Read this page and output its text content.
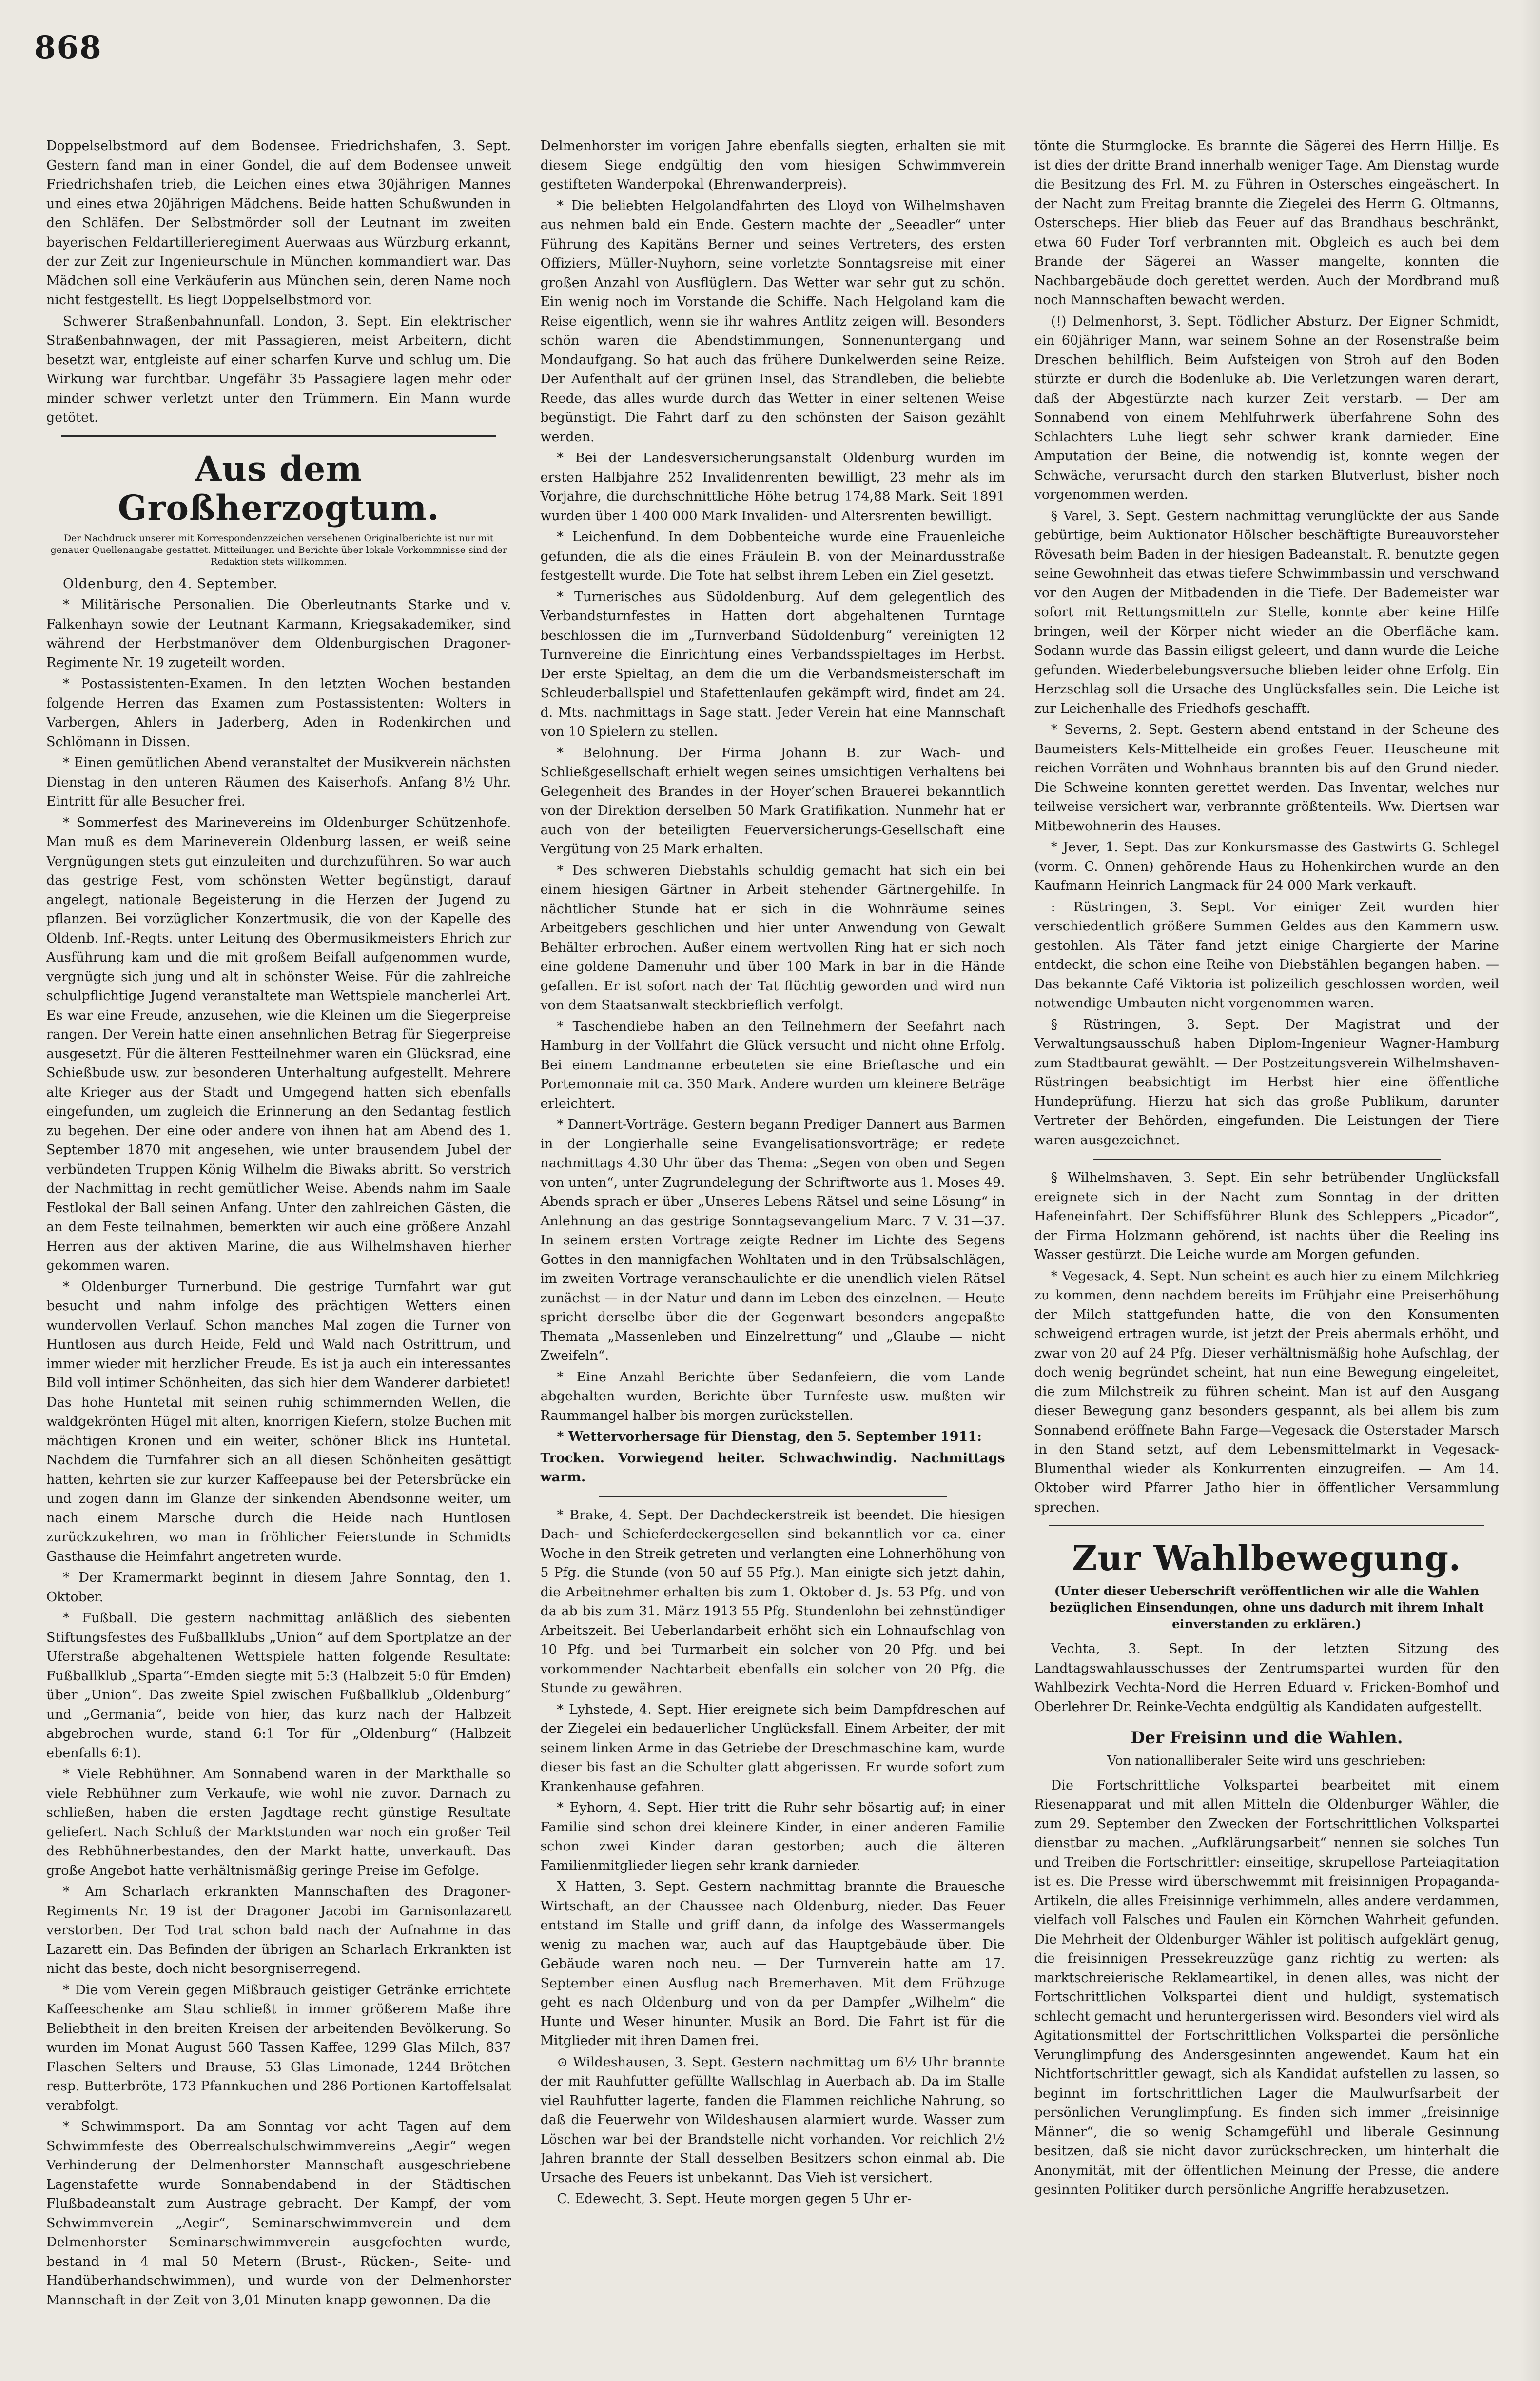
868

Doppelselbstmord auf dem Bodensee. Friedrichshafen, 3. Sept. Gestern fand man in einer Gondel, die auf dem Bodensee unweit Friedrichshafen trieb, die Leichen eines etwa 30jährigen Mannes und eines etwa 20jährigen Mädchens. Beide hatten Schußwunden in den Schläfen. Der Selbstmörder soll der Leutnant im zweiten bayerischen Feldartillerieregiment Auerwaas aus Würzburg erkannt, der zur Zeit zur Ingenieurschule in München kommandiert war. Das Mädchen soll eine Verkäuferin aus München sein, deren Name noch nicht festgestellt. Es liegt Doppelselbstmord vor.

Schwerer Straßenbahnunfall. London, 3. Sept. Ein elektrischer Straßenbahnwagen, der mit Passagieren, meist Arbeitern, dicht besetzt war, entgleiste auf einer scharfen Kurve und schlug um. Die Wirkung war furchtbar. Ungefähr 35 Passagiere lagen mehr oder minder schwer verletzt unter den Trümmern. Ein Mann wurde getötet.

Aus dem Großherzogtum.
Der Nachdruck unserer mit Korrespondenzzeichen versehenen Originalberichte ist nur mit genauer Quellenangabe gestattet. Mitteilungen und Berichte über lokale Vorkommnisse sind der Redaktion stets willkommen.

Oldenburg, den 4. September.

* Militärische Personalien. Die Oberleutnants Starke und v. Falkenhayn sowie der Leutnant Karmann, Kriegsakademiker, sind während der Herbstmanöver dem Oldenburgischen Dragoner-Regimente Nr. 19 zugeteilt worden.

* Postassistenten-Examen. In den letzten Wochen bestanden folgende Herren das Examen zum Postassistenten: Wolters in Varbergen, Ahlers in Jaderberg, Aden in Rodenkirchen und Schlömann in Dissen.

* Einen gemütlichen Abend veranstaltet der Musikverein nächsten Dienstag in den unteren Räumen des Kaiserhofs. Anfang 8½ Uhr. Eintritt für alle Besucher frei.

* Sommerfest des Marinevereins im Oldenburger Schützenhofe. Man muß es dem Marineverein Oldenburg lassen, er weiß seine Vergnügungen stets gut einzuleiten und durchzuführen. So war auch das gestrige Fest, vom schönsten Wetter begünstigt, darauf angelegt, nationale Begeisterung in die Herzen der Jugend zu pflanzen. Bei vorzüglicher Konzertmusik, die von der Kapelle des Oldenb. Inf.-Regts. unter Leitung des Obermusikmeisters Ehrich zur Ausführung kam und die mit großem Beifall aufgenommen wurde, vergnügte sich jung und alt in schönster Weise. Für die zahlreiche schulpflichtige Jugend veranstaltete man Wettspiele mancherlei Art. Es war eine Freude, anzusehen, wie die Kleinen um die Siegerpreise rangen. Der Verein hatte einen ansehnlichen Betrag für Siegerpreise ausgesetzt. Für die älteren Festteilnehmer waren ein Glücksrad, eine Schießbude usw. zur besonderen Unterhaltung aufgestellt. Mehrere alte Krieger aus der Stadt und Umgegend hatten sich ebenfalls eingefunden, um zugleich die Erinnerung an den Sedantag festlich zu begehen. Der eine oder andere von ihnen hat am Abend des 1. September 1870 mit angesehen, wie unter brausendem Jubel der verbündeten Truppen König Wilhelm die Biwaks abritt. So verstrich der Nachmittag in recht gemütlicher Weise. Abends nahm im Saale Festlokal der Ball seinen Anfang. Unter den zahlreichen Gästen, die an dem Feste teilnahmen, bemerkten wir auch eine größere Anzahl Herren aus der aktiven Marine, die aus Wilhelmshaven hierher gekommen waren.

* Oldenburger Turnerbund. Die gestrige Turnfahrt war gut besucht und nahm infolge des prächtigen Wetters einen wundervollen Verlauf. Schon manches Mal zogen die Turner von Huntlosen aus durch Heide, Feld und Wald nach Ostrittrum, und immer wieder mit herzlicher Freude. Es ist ja auch ein interessantes Bild voll intimer Schönheiten, das sich hier dem Wanderer darbietet! Das hohe Huntetal mit seinen ruhig schimmernden Wellen, die waldgekrönten Hügel mit alten, knorrigen Kiefern, stolze Buchen mit mächtigen Kronen und ein weiter, schöner Blick ins Huntetal. Nachdem die Turnfahrer sich an all diesen Schönheiten gesättigt hatten, kehrten sie zur kurzer Kaffeepause bei der Petersbrücke ein und zogen dann im Glanze der sinkenden Abendsonne weiter, um nach einem Marsche durch die Heide nach Huntlosen zurückzukehren, wo man in fröhlicher Feierstunde in Schmidts Gasthause die Heimfahrt angetreten wurde.

* Der Kramermarkt beginnt in diesem Jahre Sonntag, den 1. Oktober.

* Fußball. Die gestern nachmittag anläßlich des siebenten Stiftungsfestes des Fußballklubs „Union“ auf dem Sportplatze an der Uferstraße abgehaltenen Wettspiele hatten folgende Resultate: Fußballklub „Sparta“-Emden siegte mit 5:3 (Halbzeit 5:0 für Emden) über „Union“. Das zweite Spiel zwischen Fußballklub „Oldenburg“ und „Germania“, beide von hier, das kurz nach der Halbzeit abgebrochen wurde, stand 6:1 Tor für „Oldenburg“ (Halbzeit ebenfalls 6:1).

* Viele Rebhühner. Am Sonnabend waren in der Markthalle so viele Rebhühner zum Verkaufe, wie wohl nie zuvor. Darnach zu schließen, haben die ersten Jagdtage recht günstige Resultate geliefert. Nach Schluß der Marktstunden war noch ein großer Teil des Rebhühnerbestandes, den der Markt hatte, unverkauft. Das große Angebot hatte verhältnismäßig geringe Preise im Gefolge.

* Am Scharlach erkrankten Mannschaften des Dragoner-Regiments Nr. 19 ist der Dragoner Jacobi im Garnisonlazarett verstorben. Der Tod trat schon bald nach der Aufnahme in das Lazarett ein. Das Befinden der übrigen an Scharlach Erkrankten ist nicht das beste, doch nicht besorgniserregend.

* Die vom Verein gegen Mißbrauch geistiger Getränke errichtete Kaffeeschenke am Stau schließt in immer größerem Maße ihre Beliebtheit in den breiten Kreisen der arbeitenden Bevölkerung. So wurden im Monat August 560 Tassen Kaffee, 1299 Glas Milch, 837 Flaschen Selters und Brause, 53 Glas Limonade, 1244 Brötchen resp. Butterbröte, 173 Pfannkuchen und 286 Portionen Kartoffelsalat verabfolgt.

* Schwimmsport. Da am Sonntag vor acht Tagen auf dem Schwimmfeste des Oberrealschulschwimmvereins „Aegir“ wegen Verhinderung der Delmenhorster Mannschaft ausgeschriebene Lagenstafette wurde Sonnabendabend in der Städtischen Flußbadeanstalt zum Austrage gebracht. Der Kampf, der vom Schwimmverein „Aegir“, Seminarschwimmverein und dem Delmenhorster Seminarschwimmverein ausgefochten wurde, bestand in 4 mal 50 Metern (Brust-, Rücken-, Seite- und Handüberhandschwimmen), und wurde von der Delmenhorster Mannschaft in der Zeit von 3,01 Minuten knapp gewonnen. Da die

Delmenhorster im vorigen Jahre ebenfalls siegten, erhalten sie mit diesem Siege endgültig den vom hiesigen Schwimmverein gestifteten Wanderpokal (Ehrenwanderpreis).

* Die beliebten Helgolandfahrten des Lloyd von Wilhelmshaven aus nehmen bald ein Ende. Gestern machte der „Seeadler“ unter Führung des Kapitäns Berner und seines Vertreters, des ersten Offiziers, Müller-Nuyhorn, seine vorletzte Sonntagsreise mit einer großen Anzahl von Ausflüglern. Das Wetter war sehr gut zu schön. Ein wenig noch im Vorstande die Schiffe. Nach Helgoland kam die Reise eigentlich, wenn sie ihr wahres Antlitz zeigen will. Besonders schön waren die Abendstimmungen, Sonnenuntergang und Mondaufgang. So hat auch das frühere Dunkelwerden seine Reize. Der Aufenthalt auf der grünen Insel, das Strandleben, die beliebte Reede, das alles wurde durch das Wetter in einer seltenen Weise begünstigt. Die Fahrt darf zu den schönsten der Saison gezählt werden.

* Bei der Landesversicherungsanstalt Oldenburg wurden im ersten Halbjahre 252 Invalidenrenten bewilligt, 23 mehr als im Vorjahre, die durchschnittliche Höhe betrug 174,88 Mark. Seit 1891 wurden über 1 400 000 Mark Invaliden- und Altersrenten bewilligt.

* Leichenfund. In dem Dobbenteiche wurde eine Frauenleiche gefunden, die als die eines Fräulein B. von der Meinardusstraße festgestellt wurde. Die Tote hat selbst ihrem Leben ein Ziel gesetzt.

* Turnerisches aus Südoldenburg. Auf dem gelegentlich des Verbandsturnfestes in Hatten dort abgehaltenen Turntage beschlossen die im „Turnverband Südoldenburg“ vereinigten 12 Turnvereine die Einrichtung eines Verbandsspieltages im Herbst. Der erste Spieltag, an dem die um die Verbandsmeisterschaft im Schleuderballspiel und Stafettenlaufen gekämpft wird, findet am 24. d. Mts. nachmittags in Sage statt. Jeder Verein hat eine Mannschaft von 10 Spielern zu stellen.

* Belohnung. Der Firma Johann B. zur Wach- und Schließgesellschaft erhielt wegen seines umsichtigen Verhaltens bei Gelegenheit des Brandes in der Hoyer’schen Brauerei bekanntlich von der Direktion derselben 50 Mark Gratifikation. Nunmehr hat er auch von der beteiligten Feuerversicherungs-Gesellschaft eine Vergütung von 25 Mark erhalten.

* Des schweren Diebstahls schuldig gemacht hat sich ein bei einem hiesigen Gärtner in Arbeit stehender Gärtnergehilfe. In nächtlicher Stunde hat er sich in die Wohnräume seines Arbeitgebers geschlichen und hier unter Anwendung von Gewalt Behälter erbrochen. Außer einem wertvollen Ring hat er sich noch eine goldene Damenuhr und über 100 Mark in bar in die Hände gefallen. Er ist sofort nach der Tat flüchtig geworden und wird nun von dem Staatsanwalt steckbrieflich verfolgt.

* Taschendiebe haben an den Teilnehmern der Seefahrt nach Hamburg in der Vollfahrt die Glück versucht und nicht ohne Erfolg. Bei einem Landmanne erbeuteten sie eine Brieftasche und ein Portemonnaie mit ca. 350 Mark. Andere wurden um kleinere Beträge erleichtert.

* Dannert-Vorträge. Gestern begann Prediger Dannert aus Barmen in der Longierhalle seine Evangelisationsvorträge; er redete nachmittags 4.30 Uhr über das Thema: „Segen von oben und Segen von unten“, unter Zugrundelegung der Schriftworte aus 1. Moses 49. Abends sprach er über „Unseres Lebens Rätsel und seine Lösung“ in Anlehnung an das gestrige Sonntagsevangelium Marc. 7 V. 31—37. In seinem ersten Vortrage zeigte Redner im Lichte des Segens Gottes in den mannigfachen Wohltaten und in den Trübsalschlägen, im zweiten Vortrage veranschaulichte er die unendlich vielen Rätsel zunächst — in der Natur und dann im Leben des einzelnen. — Heute spricht derselbe über die der Gegenwart besonders angepaßte Themata „Massenleben und Einzelrettung“ und „Glaube — nicht Zweifeln“.

* Eine Anzahl Berichte über Sedanfeiern, die vom Lande abgehalten wurden, Berichte über Turnfeste usw. mußten wir Raummangel halber bis morgen zurückstellen.

* Wettervorhersage für Dienstag, den 5. September 1911:

Trocken. Vorwiegend heiter. Schwachwindig. Nachmittags warm.

* Brake, 4. Sept. Der Dachdeckerstreik ist beendet. Die hiesigen Dach- und Schieferdeckergesellen sind bekanntlich vor ca. einer Woche in den Streik getreten und verlangten eine Lohnerhöhung von 5 Pfg. die Stunde (von 50 auf 55 Pfg.). Man einigte sich jetzt dahin, die Arbeitnehmer erhalten bis zum 1. Oktober d. Js. 53 Pfg. und von da ab bis zum 31. März 1913 55 Pfg. Stundenlohn bei zehnstündiger Arbeitszeit. Bei Ueberlandarbeit erhöht sich ein Lohnaufschlag von 10 Pfg. und bei Turmarbeit ein solcher von 20 Pfg. und bei vorkommender Nachtarbeit ebenfalls ein solcher von 20 Pfg. die Stunde zu gewähren.

* Lyhstede, 4. Sept. Hier ereignete sich beim Dampfdreschen auf der Ziegelei ein bedauerlicher Unglücksfall. Einem Arbeiter, der mit seinem linken Arme in das Getriebe der Dreschmaschine kam, wurde dieser bis fast an die Schulter glatt abgerissen. Er wurde sofort zum Krankenhause gefahren.

* Eyhorn, 4. Sept. Hier tritt die Ruhr sehr bösartig auf; in einer Familie sind schon drei kleinere Kinder, in einer anderen Familie schon zwei Kinder daran gestorben; auch die älteren Familienmitglieder liegen sehr krank darnieder.

X Hatten, 3. Sept. Gestern nachmittag brannte die Brauesche Wirtschaft, an der Chaussee nach Oldenburg, nieder. Das Feuer entstand im Stalle und griff dann, da infolge des Wassermangels wenig zu machen war, auch auf das Hauptgebäude über. Die Gebäude waren noch neu. — Der Turnverein hatte am 17. September einen Ausflug nach Bremerhaven. Mit dem Frühzuge geht es nach Oldenburg und von da per Dampfer „Wilhelm“ die Hunte und Weser hinunter. Musik an Bord. Die Fahrt ist für die Mitglieder mit ihren Damen frei.

⊙ Wildeshausen, 3. Sept. Gestern nachmittag um 6½ Uhr brannte der mit Rauhfutter gefüllte Wallschlag in Auerbach ab. Da im Stalle viel Rauhfutter lagerte, fanden die Flammen reichliche Nahrung, so daß die Feuerwehr von Wildeshausen alarmiert wurde. Wasser zum Löschen war bei der Brandstelle nicht vorhanden. Vor reichlich 2½ Jahren brannte der Stall desselben Besitzers schon einmal ab. Die Ursache des Feuers ist unbekannt. Das Vieh ist versichert.

C. Edewecht, 3. Sept. Heute morgen gegen 5 Uhr er-

tönte die Sturmglocke. Es brannte die Sägerei des Herrn Hillje. Es ist dies der dritte Brand innerhalb weniger Tage. Am Dienstag wurde die Besitzung des Frl. M. zu Führen in Ostersches eingeäschert. In der Nacht zum Freitag brannte die Ziegelei des Herrn G. Oltmanns, Osterscheps. Hier blieb das Feuer auf das Brandhaus beschränkt, etwa 60 Fuder Torf verbrannten mit. Obgleich es auch bei dem Brande der Sägerei an Wasser mangelte, konnten die Nachbargebäude doch gerettet werden. Auch der Mordbrand muß noch Mannschaften bewacht werden.

(!) Delmenhorst, 3. Sept. Tödlicher Absturz. Der Eigner Schmidt, ein 60jähriger Mann, war seinem Sohne an der Rosenstraße beim Dreschen behilflich. Beim Aufsteigen von Stroh auf den Boden stürzte er durch die Bodenluke ab. Die Verletzungen waren derart, daß der Abgestürzte nach kurzer Zeit verstarb. — Der am Sonnabend von einem Mehlfuhrwerk überfahrene Sohn des Schlachters Luhe liegt sehr schwer krank darnieder. Eine Amputation der Beine, die notwendig ist, konnte wegen der Schwäche, verursacht durch den starken Blutverlust, bisher noch vorgenommen werden.

§ Varel, 3. Sept. Gestern nachmittag verunglückte der aus Sande gebürtige, beim Auktionator Hölscher beschäftigte Bureauvorsteher Rövesath beim Baden in der hiesigen Badeanstalt. R. benutzte gegen seine Gewohnheit das etwas tiefere Schwimmbassin und verschwand vor den Augen der Mitbadenden in die Tiefe. Der Bademeister war sofort mit Rettungsmitteln zur Stelle, konnte aber keine Hilfe bringen, weil der Körper nicht wieder an die Oberfläche kam. Sodann wurde das Bassin eiligst geleert, und dann wurde die Leiche gefunden. Wiederbelebungsversuche blieben leider ohne Erfolg. Ein Herzschlag soll die Ursache des Unglücksfalles sein. Die Leiche ist zur Leichenhalle des Friedhofs geschafft.

* Severns, 2. Sept. Gestern abend entstand in der Scheune des Baumeisters Kels-Mittelheide ein großes Feuer. Heuscheune mit reichen Vorräten und Wohnhaus brannten bis auf den Grund nieder. Die Schweine konnten gerettet werden. Das Inventar, welches nur teilweise versichert war, verbrannte größtenteils. Ww. Diertsen war Mitbewohnerin des Hauses.

* Jever, 1. Sept. Das zur Konkursmasse des Gastwirts G. Schlegel (vorm. C. Onnen) gehörende Haus zu Hohenkirchen wurde an den Kaufmann Heinrich Langmack für 24 000 Mark verkauft.

: Rüstringen, 3. Sept. Vor einiger Zeit wurden hier verschiedentlich größere Summen Geldes aus den Kammern usw. gestohlen. Als Täter fand jetzt einige Chargierte der Marine entdeckt, die schon eine Reihe von Diebstählen begangen haben. — Das bekannte Café Viktoria ist polizeilich geschlossen worden, weil notwendige Umbauten nicht vorgenommen waren.

§ Rüstringen, 3. Sept. Der Magistrat und der Verwaltungsausschuß haben Diplom-Ingenieur Wagner-Hamburg zum Stadtbaurat gewählt. — Der Postzeitungsverein Wilhelmshaven-Rüstringen beabsichtigt im Herbst hier eine öffentliche Hundeprüfung. Hierzu hat sich das große Publikum, darunter Vertreter der Behörden, eingefunden. Die Leistungen der Tiere waren ausgezeichnet.

§ Wilhelmshaven, 3. Sept. Ein sehr betrübender Unglücksfall ereignete sich in der Nacht zum Sonntag in der dritten Hafeneinfahrt. Der Schiffsführer Blunk des Schleppers „Picador“, der Firma Holzmann gehörend, ist nachts über die Reeling ins Wasser gestürzt. Die Leiche wurde am Morgen gefunden.

* Vegesack, 4. Sept. Nun scheint es auch hier zu einem Milchkrieg zu kommen, denn nachdem bereits im Frühjahr eine Preiserhöhung der Milch stattgefunden hatte, die von den Konsumenten schweigend ertragen wurde, ist jetzt der Preis abermals erhöht, und zwar von 20 auf 24 Pfg. Dieser verhältnismäßig hohe Aufschlag, der doch wenig begründet scheint, hat nun eine Bewegung eingeleitet, die zum Milchstreik zu führen scheint. Man ist auf den Ausgang dieser Bewegung ganz besonders gespannt, als bei allem bis zum Sonnabend eröffnete Bahn Farge—Vegesack die Osterstader Marsch in den Stand setzt, auf dem Lebensmittelmarkt in Vegesack-Blumenthal wieder als Konkurrenten einzugreifen. — Am 14. Oktober wird Pfarrer Jatho hier in öffentlicher Versammlung sprechen.

Zur Wahlbewegung.
(Unter dieser Ueberschrift veröffentlichen wir alle die Wahlen bezüglichen Einsendungen, ohne uns dadurch mit ihrem Inhalt einverstanden zu erklären.)

Vechta, 3. Sept. In der letzten Sitzung des Landtagswahlausschusses der Zentrumspartei wurden für den Wahlbezirk Vechta-Nord die Herren Eduard v. Fricken-Bomhof und Oberlehrer Dr. Reinke-Vechta endgültig als Kandidaten aufgestellt.

Der Freisinn und die Wahlen.
Von nationalliberaler Seite wird uns geschrieben:

Die Fortschrittliche Volkspartei bearbeitet mit einem Riesenapparat und mit allen Mitteln die Oldenburger Wähler, die zum 29. September den Zwecken der Fortschrittlichen Volkspartei dienstbar zu machen. „Aufklärungsarbeit“ nennen sie solches Tun und Treiben die Fortschrittler: einseitige, skrupellose Parteiagitation ist es. Die Presse wird überschwemmt mit freisinnigen Propaganda-Artikeln, die alles Freisinnige verhimmeln, alles andere verdammen, vielfach voll Falsches und Faulen ein Körnchen Wahrheit gefunden. Die Mehrheit der Oldenburger Wähler ist politisch aufgeklärt genug, die freisinnigen Pressekreuzzüge ganz richtig zu werten: als marktschreierische Reklameartikel, in denen alles, was nicht der Fortschrittlichen Volkspartei dient und huldigt, systematisch schlecht gemacht und heruntergerissen wird. Besonders viel wird als Agitationsmittel der Fortschrittlichen Volkspartei die persönliche Verunglimpfung des Andersgesinnten angewendet. Kaum hat ein Nichtfortschrittler gewagt, sich als Kandidat aufstellen zu lassen, so beginnt im fortschrittlichen Lager die Maulwurfsarbeit der persönlichen Verunglimpfung. Es finden sich immer „freisinnige Männer“, die so wenig Schamgefühl und liberale Gesinnung besitzen, daß sie nicht davor zurückschrecken, um hinterhalt die Anonymität, mit der öffentlichen Meinung der Presse, die andere gesinnten Politiker durch persönliche Angriffe herabzusetzen.
